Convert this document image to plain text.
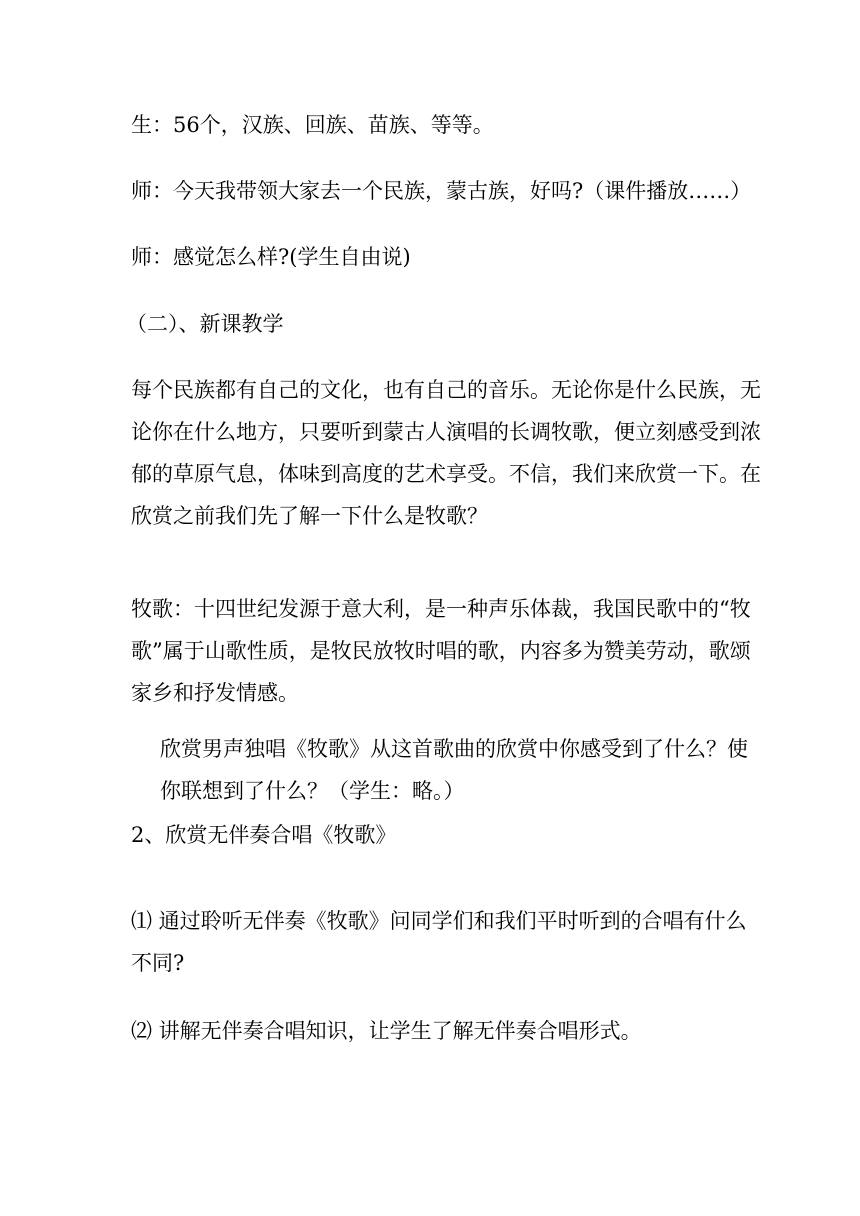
生：56个，汉族、回族、苗族、等等。

师：今天我带领大家去一个民族，蒙古族，好吗?（课件播放……）

师：感觉怎么样?(学生自由说)

（二）、新课教学

每个民族都有自己的文化，也有自己的音乐。无论你是什么民族，无
论你在什么地方，只要听到蒙古人演唱的长调牧歌，便立刻感受到浓
郁的草原气息，体味到高度的艺术享受。不信，我们来欣赏一下。在
欣赏之前我们先了解一下什么是牧歌？

牧歌：十四世纪发源于意大利，是一种声乐体裁，我国民歌中的“牧
歌”属于山歌性质，是牧民放牧时唱的歌，内容多为赞美劳动，歌颂
家乡和抒发情感。

欣赏男声独唱《牧歌》从这首歌曲的欣赏中你感受到了什么？使
你联想到了什么？（学生：略。）

2、欣赏无伴奏合唱《牧歌》

⑴ 通过聆听无伴奏《牧歌》问同学们和我们平时听到的合唱有什么
不同?

⑵ 讲解无伴奏合唱知识，让学生了解无伴奏合唱形式。
